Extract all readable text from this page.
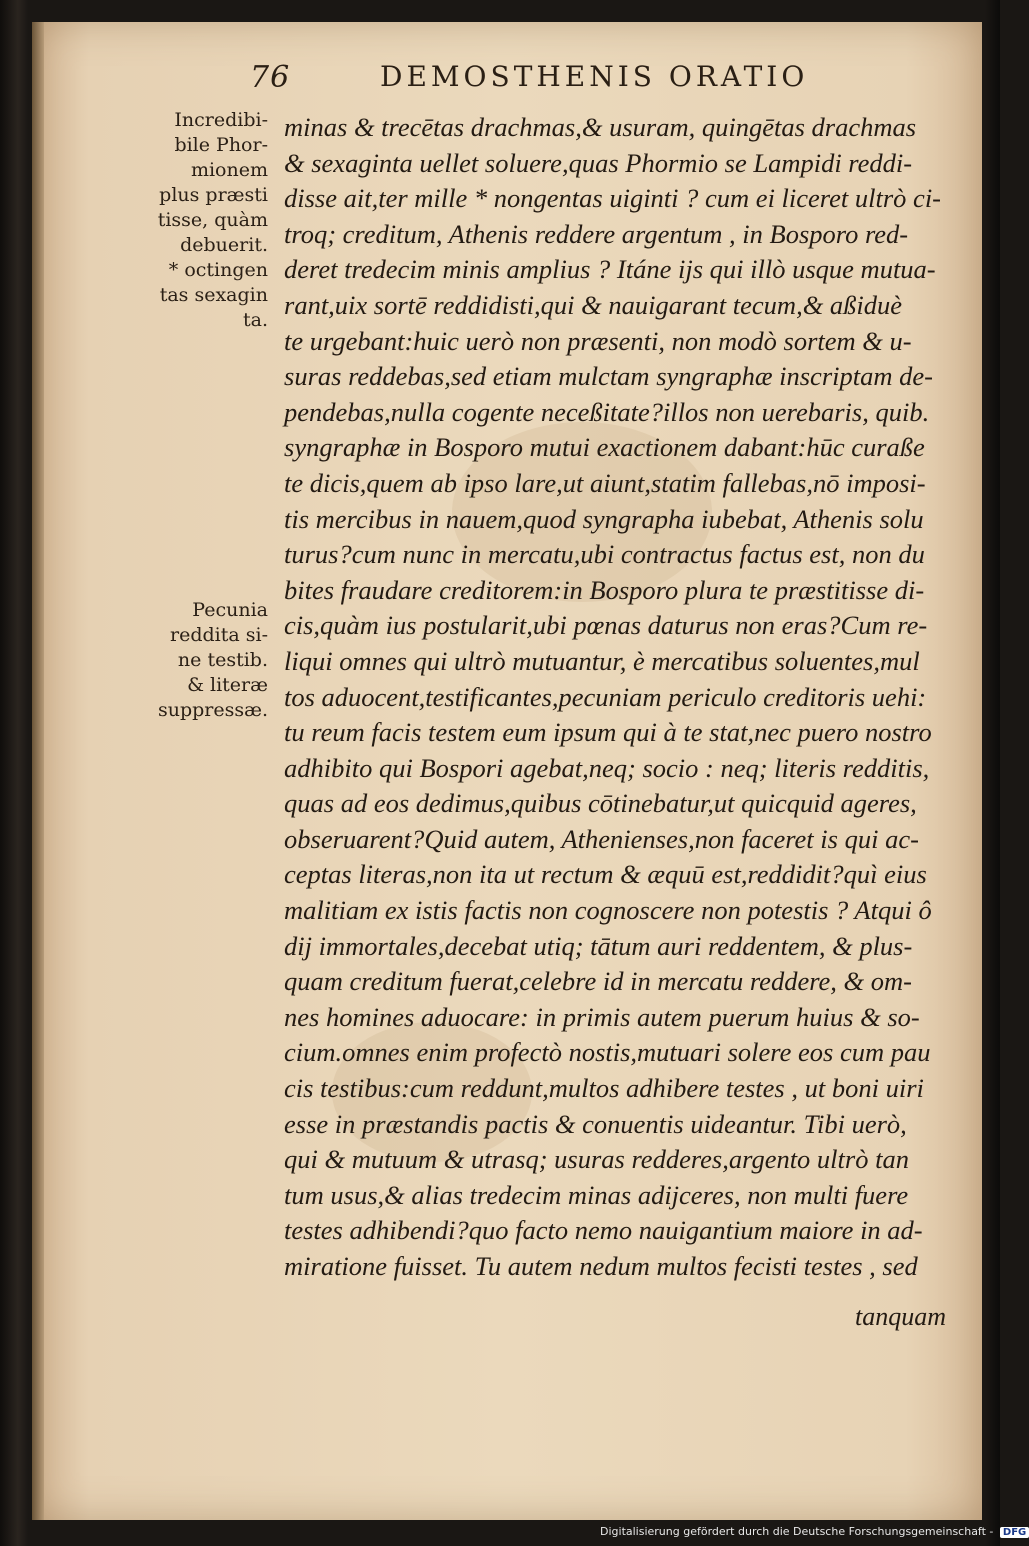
76	DEMOSTHENIS ORATIO
Incredibi-
bile Phor-
mionem
plus præsti
tisse, quàm
debuerit.
* octingen
tas sexagin
ta.
Pecunia
reddita si-
ne testib.
& literæ
suppressæ.
minas & trecētas drachmas,& usuram, quingētas drachmas
& sexaginta uellet soluere,quas Phormio se Lampidi reddi-
disse ait,ter mille * nongentas uiginti ? cum ei liceret ultrò ci-
troq; creditum, Athenis reddere argentum , in Bosporo red-
deret tredecim minis amplius ? Itáne ijs qui illò usque mutua-
rant,uix sortē reddidisti,qui & nauigarant tecum,& aßiduè
te urgebant:huic uerò non præsenti, non modò sortem & u-
suras reddebas,sed etiam mulctam syngraphæ inscriptam de-
pendebas,nulla cogente neceßitate?illos non uerebaris, quib.
syngraphæ in Bosporo mutui exactionem dabant:hūc curaße
te dicis,quem ab ipso lare,ut aiunt,statim fallebas,nō imposi-
tis mercibus in nauem,quod syngrapha iubebat, Athenis solu
turus?cum nunc in mercatu,ubi contractus factus est, non du
bites fraudare creditorem:in Bosporo plura te præstitisse di-
cis,quàm ius postularit,ubi pœnas daturus non eras?Cum re-
liqui omnes qui ultrò mutuantur, è mercatibus soluentes,mul
tos aduocent,testificantes,pecuniam periculo creditoris uehi:
tu reum facis testem eum ipsum qui à te stat,nec puero nostro
adhibito qui Bospori agebat,neq; socio : neq; literis redditis,
quas ad eos dedimus,quibus cōtinebatur,ut quicquid ageres,
obseruarent?Quid autem, Athenienses,non faceret is qui ac-
ceptas literas,non ita ut rectum & æquū est,reddidit?quì eius
malitiam ex istis factis non cognoscere non potestis ? Atqui ô
dij immortales,decebat utiq; tātum auri reddentem, & plus-
quam creditum fuerat,celebre id in mercatu reddere, & om-
nes homines aduocare: in primis autem puerum huius & so-
cium.omnes enim profectò nostis,mutuari solere eos cum pau
cis testibus:cum reddunt,multos adhibere testes , ut boni uiri
esse in præstandis pactis & conuentis uideantur. Tibi uerò,
qui & mutuum & utrasq; usuras redderes,argento ultrò tan
tum usus,& alias tredecim minas adijceres, non multi fuere
testes adhibendi?quo facto nemo nauigantium maiore in ad-
miratione fuisset. Tu autem nedum multos fecisti testes , sed
tanquam
Digitalisierung gefördert durch die Deutsche Forschungsgemeinschaft - DFG
